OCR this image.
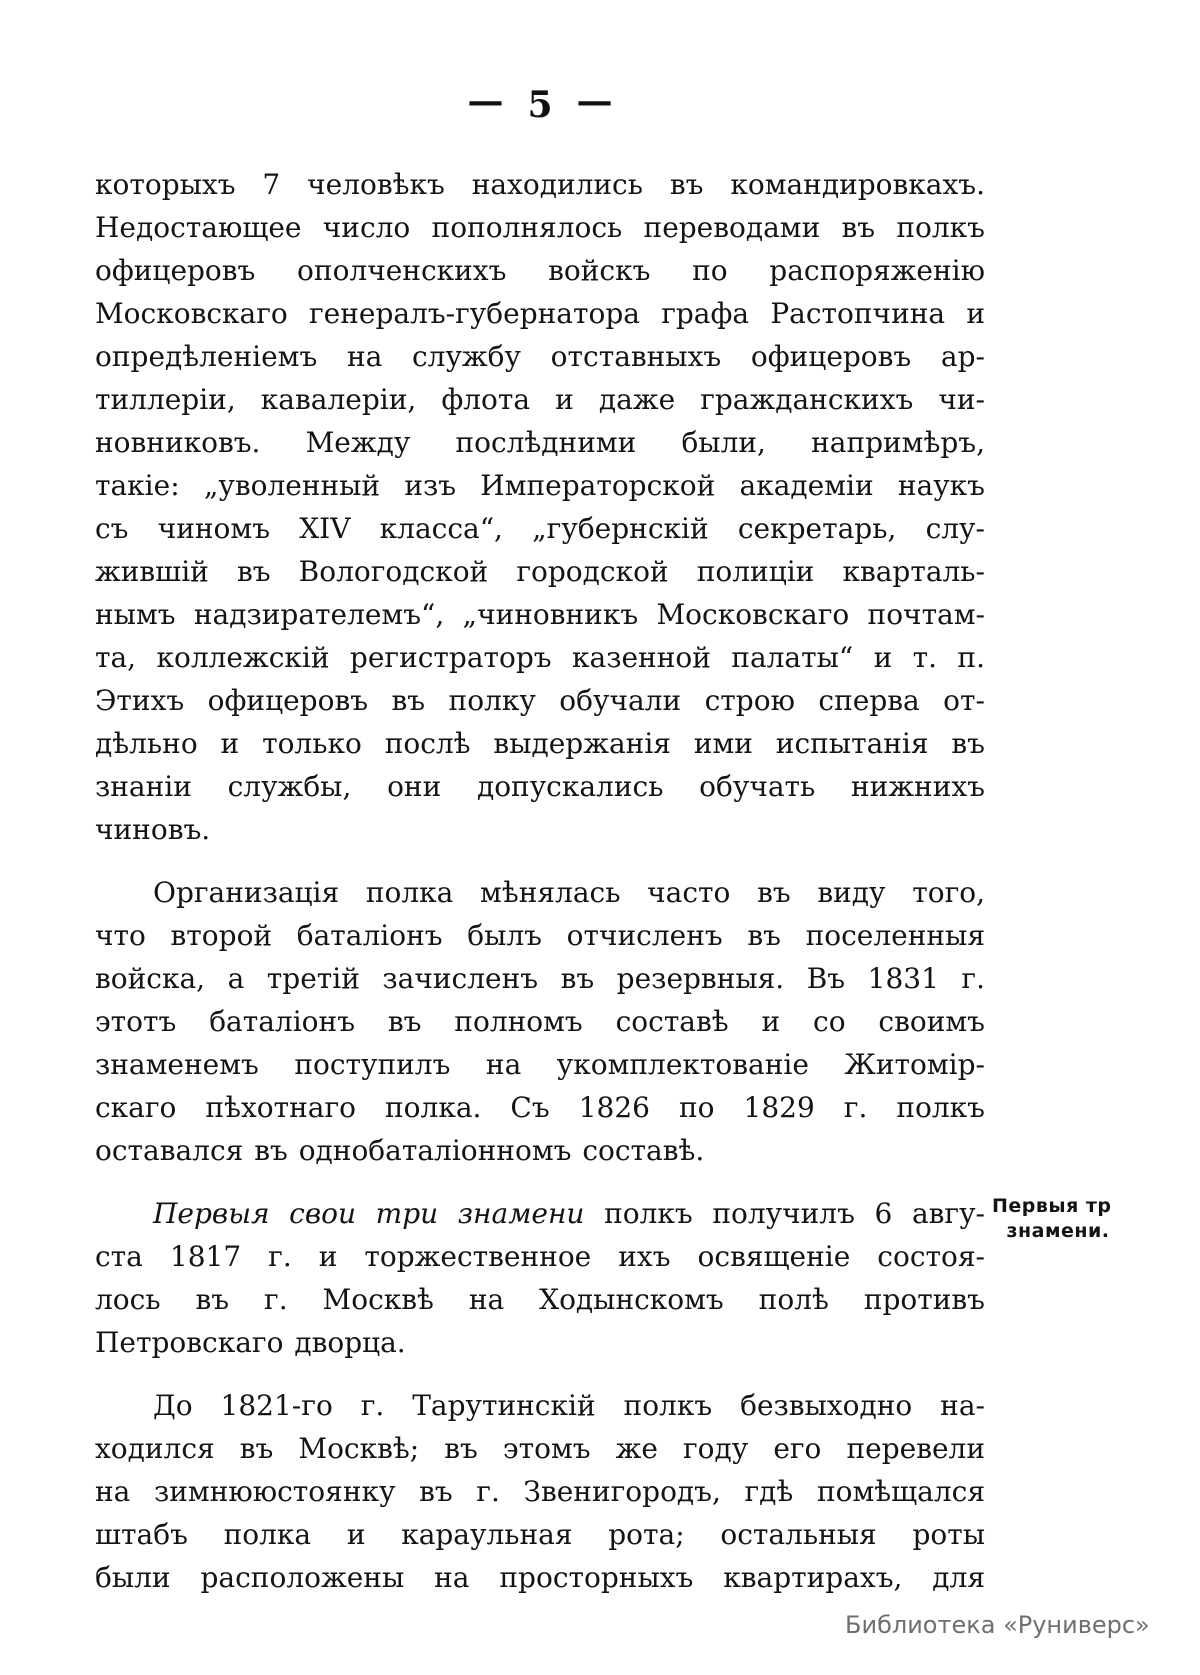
— 5 —
которыхъ 7 человѣкъ находились въ командировкахъ.
Недостающее число пополнялось переводами въ полкъ
офицеровъ ополченскихъ войскъ по распоряженію
Московскаго генералъ-губернатора графа Растопчина и
опредѣленіемъ на службу отставныхъ офицеровъ ар-
тиллеріи, кавалеріи, флота и даже гражданскихъ чи-
новниковъ. Между послѣдними были, напримѣръ,
такіе: „уволенный изъ Императорской академіи наукъ
съ чиномъ XIV класса“, „губернскій секретарь, слу-
жившій въ Вологодской городской полиціи кварталь-
нымъ надзирателемъ“, „чиновникъ Московскаго почтам-
та, коллежскій регистраторъ казенной палаты“ и т. п.
Этихъ офицеровъ въ полку обучали строю сперва от-
дѣльно и только послѣ выдержанія ими испытанія въ
знаніи службы, они допускались обучать нижнихъ
чиновъ.
Организація полка мѣнялась часто въ виду того,
что второй баталіонъ былъ отчисленъ въ поселенныя
войска, а третій зачисленъ въ резервныя. Въ 1831 г.
этотъ баталіонъ въ полномъ составѣ и со своимъ
знаменемъ поступилъ на укомплектованіе Житомір-
скаго пѣхотнаго полка. Съ 1826 по 1829 г. полкъ
оставался въ однобаталіонномъ составѣ.
Первыя свои три знамени полкъ получилъ 6 авгу-
ста 1817 г. и торжественное ихъ освященіе состоя-
лось въ г. Москвѣ на Ходынскомъ полѣ противъ
Петровскаго дворца.
До 1821-го г. Тарутинскій полкъ безвыходно на-
ходился въ Москвѣ; въ этомъ же году его перевели
на зимнююстоянку въ г. Звенигородъ, гдѣ помѣщался
штабъ полка и караульная рота; остальныя роты
были расположены на просторныхъ квартирахъ, для
Первыя тр
знамени.
Библиотека «Руниверс»
